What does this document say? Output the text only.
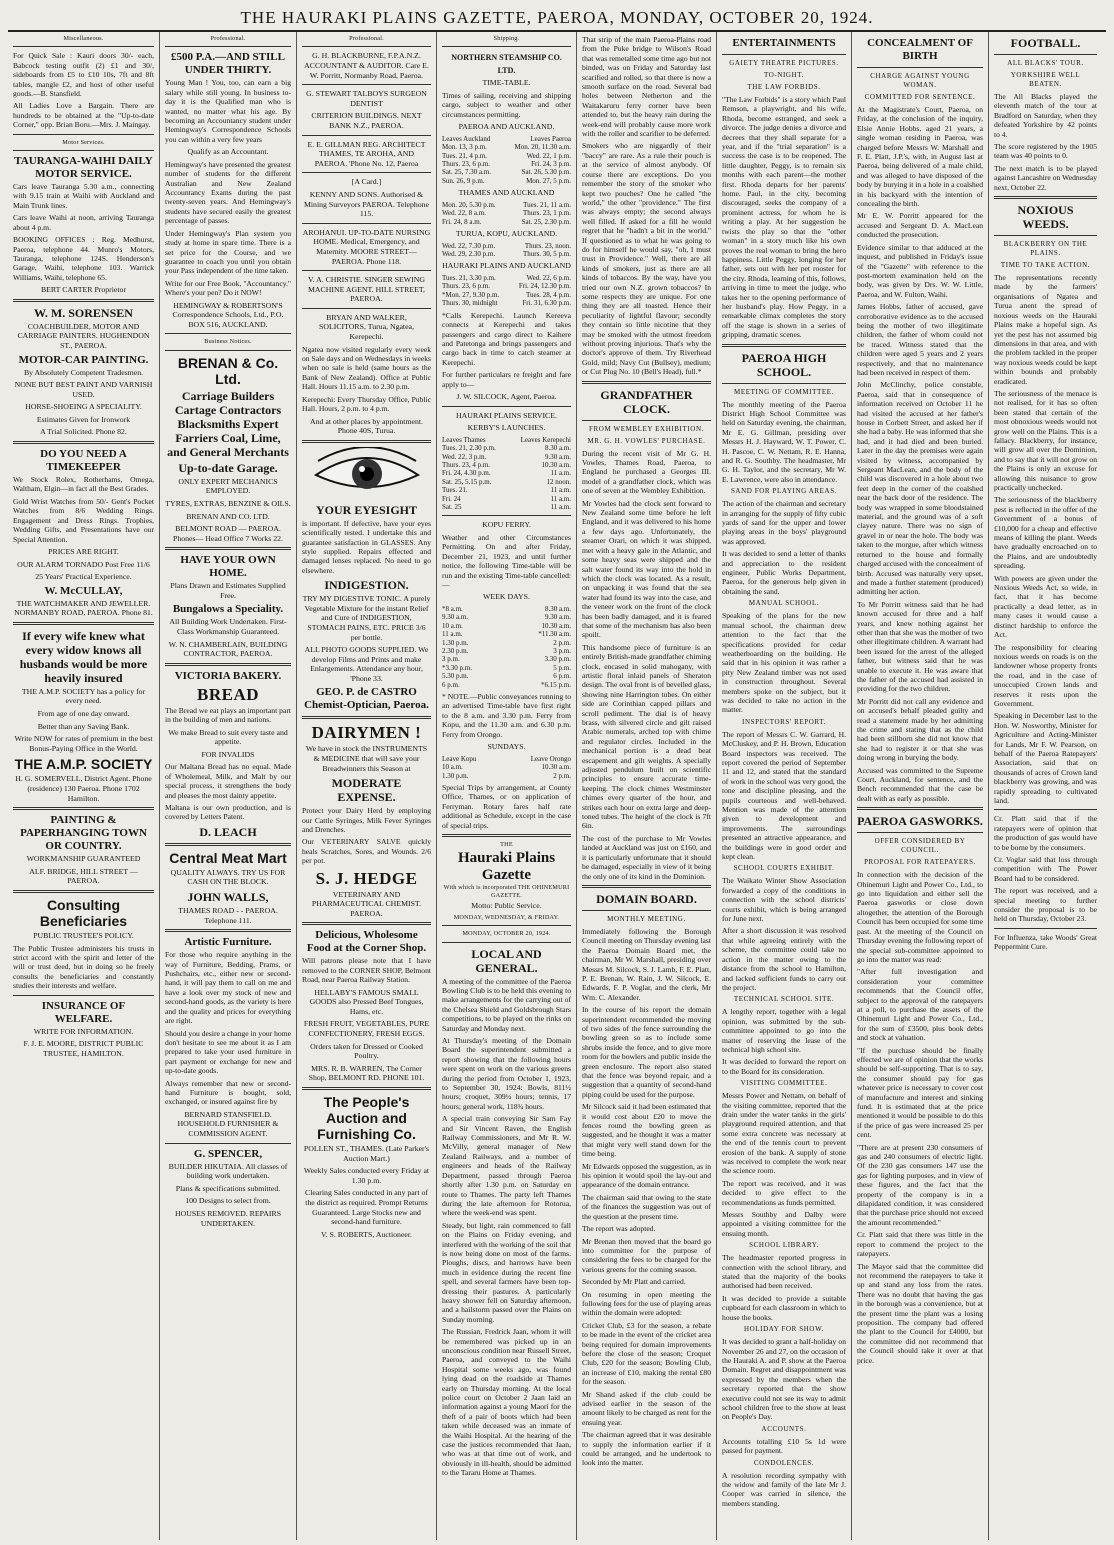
THE HAURAKI PLAINS GAZETTE, PAEROA, MONDAY, OCTOBER 20, 1924.
Miscellaneous.

For Quick Sale : Kauri doors 30/- each, Babcock testing outfit (2) £1 and 30/, sideboards from £5 to £10 10s, 7ft and 8ft tables, mangle £2, and host of other useful goods.—B. Stansfield.

All Ladies Love a Bargain. There are hundreds to be obtained at the "Up-to-date Corner," opp. Brian Boru.—Mrs. J. Maingay.

Motor Services.
TAURANGA-WAIHI DAILY MOTOR SERVICE.

Cars leave Tauranga 5.30 a.m., connecting with 9.15 train at Waihi with Auckland and Main Trunk lines.

Cars leave Waihi at noon, arriving Tauranga about 4 p.m.

BOOKING OFFICES : Reg. Medhurst, Paeroa, telephone 44. Munro's Motors, Tauranga, telephone 124S. Henderson's Garage, Waihi, telephone 103. Warrick Williams, Waihi, telephone 65.

BERT CARTER Proprietor
W. M. SORENSEN
COACHBUILDER, MOTOR AND CARRIAGE PAINTERS. HUGHENDON ST., PAEROA.
MOTOR-CAR PAINTING.
By Absolutely Competent Tradesmen.
NONE BUT BEST PAINT AND VARNISH USED.
HORSE-SHOEING A SPECIALITY.
Estimates Given for Ironwork
A Trial Solicited. Phone 82.
DO YOU NEED A TIMEKEEPER

We Stock Rolex, Rotherhams, Omega, Waltham, Elgin—in fact all the Best Grades.

Gold Wrist Watches from 50/- Gent's Pocket Watches from 8/6 Wedding Rings. Engagement and Dress Rings. Trophies, Wedding Gifts, and Presentations have our Special Attention.

PRICES ARE RIGHT.
OUR ALARM TORNADO Post Free 11/6
25 Years' Practical Experience.
W. McCULLAY,
THE WATCHMAKER AND JEWELLER. NORMANBY ROAD, PAEROA. Phone 81.
If every wife knew what every widow knows all husbands would be more heavily insured
THE A.M.P. SOCIETY has a policy for every need.
From age of one day onward.
Better than any Saving Bank.
Write NOW for rates of premium in the best Bonus-Paying Office in the World.
THE A.M.P. SOCIETY
H. G. SOMERVELL, District Agent. Phone (residence) 130 Paeroa. Phone 1702 Hamilton.
PAINTING & PAPERHANGING TOWN OR COUNTRY.
WORKMANSHIP GUARANTEED
ALF. BRIDGE, HILL STREET — PAEROA.
Consulting Beneficiaries
PUBLIC TRUSTEE'S POLICY.

The Public Trustee administers his trusts in strict accord with the spirit and letter of the will or trust deed, but in doing so he freely consults the beneficiaries and constantly studies their interests and welfare.

INSURANCE OF WELFARE.
WRITE FOR INFORMATION.
F. J. E. MOORE, DISTRICT PUBLIC TRUSTEE, HAMILTON.
Professional.
£500 P.A.—AND STILL UNDER THIRTY.

Young Man ! You, too, can earn a big salary while still young. In business to-day it is the Qualified man who is wanted, no matter what his age. By becoming an Accountancy student under Hemingway's Correspondence Schools you can within a very few years

Qualify as an Accountant.

Hemingway's have presented the greatest number of students for the different Australian and New Zealand Accountancy Exams during the past twenty-seven years. And Hemingway's students have secured easily the greatest percentage of passes.

Under Hemingway's Plan system you study at home in spare time. There is a set price for the Course, and we guarantee to coach you until you obtain your Pass independent of the time taken.

Write for our Free Book, "Accountancy." Where's your pen? Do it NOW!

HEMINGWAY & ROBERTSON'S Correspondence Schools, Ltd., P.O. BOX 516, AUCKLAND.
Business Notices.
BRENAN & Co. Ltd.
Carriage Builders Cartage Contractors Blacksmiths Expert Farriers Coal, Lime, and General Merchants
Up-to-date Garage.
ONLY EXPERT MECHANICS EMPLOYED.
TYRES, EXTRAS, BENZINE & OILS.
BRENAN AND CO. LTD.
BELMONT ROAD — PAEROA. Phones— Head Office 7 Works 22.
HAVE YOUR OWN HOME.
Plans Drawn and Estimates Supplied Free.
Bungalows a Speciality.
All Building Work Undertaken. First-Class Workmanship Guaranteed.
W. N. CHAMBERLAIN, BUILDING CONTRACTOR, PAEROA.
VICTORIA BAKERY.
BREAD

The Bread we eat plays an important part in the building of men and nations.

We make Bread to suit every taste and appetite.
FOR INVALIDS

Our Maltana Bread has no equal. Made of Wholemeal, Milk, and Malt by our special process, it strengthens the body and pleases the most dainty appetite.

Maltana is our own production, and is covered by Letters Patent.

D. LEACH
Central Meat Mart
QUALITY ALWAYS. TRY US FOR CASH ON THE BLOCK.
JOHN WALLS,
THAMES ROAD - - PAEROA. Telephone 111.
Artistic Furniture.

For those who require anything in the way of Furniture, Bedding, Prams, or Pushchairs, etc., either new or second-hand, it will pay them to call on me and have a look over my stock of new and second-hand goods, as the variety is here and the quality and prices for everything are right.

Should you desire a change in your home don't hesitate to see me about it as I am prepared to take your used furniture in part payment or exchange for new and up-to-date goods.

Always remember that new or second-hand Furniture is bought, sold, exchanged, or insured against fire by

BERNARD STANSFIELD. HOUSEHOLD FURNISHER & COMMISSION AGENT.
G. SPENCER,
BUILDER HIKUTAIA. All classes of building work undertaken.
Plans & specifications submitted.
100 Designs to select from.
HOUSES REMOVED. REPAIRS UNDERTAKEN.
Professional.
G. H. BLACKBURNE, F.P.A.N.Z. ACCOUNTANT & AUDITOR. Care E. W. Porritt, Normanby Road, Paeroa.
G. STEWART TALBOYS SURGEON DENTIST
CRITERION BUILDINGS. NEXT BANK N.Z., PAEROA.
E. E. GILLMAN REG. ARCHITECT THAMES, TE AROHA, AND PAEROA. 'Phone No. 12, Paeroa
[A Card.]
KENNY AND SONS. Authorised & Mining Surveyors PAEROA. Telephone 115.
AROHANUI. UP-TO-DATE NURSING HOME. Medical, Emergency, and Maternity. MOORE STREET—PAEROA. Phone 118.
V. A. CHRISTIE. SINGER SEWING MACHINE AGENT. HILL STREET, PAEROA.
BRYAN AND WALKER, SOLICITORS, Turua, Ngatea, Kerepechi.

Ngatea now visited regularly every week on Sale days and on Wednesdays in weeks when no sale is held (same hours as the Bank of New Zealand). Office at Public Hall. Hours 11.15 a.m. to 2.30 p.m.

Kerepechi: Every Thursday Office, Public Hall. Hours, 2 p.m. to 4 p.m.

And at other places by appointment. Phone 40S, Turua.
YOUR EYESIGHT

is important. If defective, have your eyes scientifically tested. I undertake this and guarantee satisfaction in GLASSES. Any style supplied. Repairs effected and damaged lenses replaced. No need to go elsewhere.

INDIGESTION.
TRY MY DIGESTIVE TONIC. A purely Vegetable Mixture for the instant Relief and Cure of INDIGESTION, STOMACH PAINS, ETC. PRICE 3/6 per bottle.
ALL PHOTO GOODS SUPPLIED. We develop Films and Prints and make Enlargements. Attendance any hour, 'Phone 33.
GEO. P. de CASTRO Chemist-Optician, Paeroa.
DAIRYMEN !
We have in stock the INSTRUMENTS & MEDICINE that will save your Breadwinners this Season at
MODERATE EXPENSE.

Protect your Dairy Herd by employing our Cattle Syringes, Milk Fever Syringes and Drenches.

Our VETERINARY SALVE quickly heals Scratches, Sores, and Wounds. 2/6 per pot.

S. J. HEDGE
VETERINARY AND PHARMACEUTICAL CHEMIST. PAEROA.
Delicious, Wholesome Food at the Corner Shop.

Will patrons please note that I have removed to the CORNER SHOP, Belmont Road, near Paeroa Railway Station.

HELLABY'S FAMOUS SMALL GOODS also Pressed Beef Tongues, Hams, etc.
FRESH FRUIT, VEGETABLES, PURE CONFECTIONERY, FRESH EGGS.
Orders taken for Dressed or Cooked Poultry.
MRS. R. B. WARREN, The Corner Shop, BELMONT RD. PHONE 101.
The People's Auction and Furnishing Co.
POLLEN ST., THAMES. (Late Parker's Auction Mart.)
Weekly Sales conducted every Friday at 1.30 p.m.
Clearing Sales conducted in any part of the district as required. Prompt Returns Guaranteed. Large Stocks new and second-hand furniture.
V. S. ROBERTS, Auctioneer.
Shipping.
NORTHERN STEAMSHIP CO. LTD.
TIME-TABLE.

Times of sailing, receiving and shipping cargo, subject to weather and other circumstances permitting.

PAEROA AND AUCKLAND.
Leaves Auckland	Leaves Paeroa
Mon. 13, 3 p.m.	Mon. 20, 11.30 a.m.
Tues. 21, 4 p.m.	Wed. 22, 1 p.m.
Thurs. 23, 6 p.m.	Fri. 24, 3 p.m.
Sat. 25, 7.30 a.m.	Sat. 26, 5.30 p.m.
Sun. 26, 9 p.m.	Mon. 27, 5 p.m.
THAMES AND AUCKLAND
Mon. 20, 5.30 p.m.	Tues. 21, 11 a.m.
Wed. 22, 8 a.m.	Thurs. 23, 1 p.m.
Fri. 24, 8 a.m.	Sat. 25, 2.30 p.m.
TURUA, KOPU, AUCKLAND.
Wed. 22, 7.30 p.m.	Thurs. 23, noon.
Wed. 29, 2.30 p.m.	Thurs. 30, 5 p.m.
HAURAKI PLAINS AND AUCKLAND
Tues. 21, 3.30 p.m.	Wed. 22, 6 p.m.
Thurs. 23, 6 p.m.	Fri. 24, 12.30 p.m.
*Mon. 27, 9.30 p.m.	Tues. 28, 4 p.m.
Thurs. 30, midnight	Fri. 31, 6.30 p.m.

*Calls Kerepechi. Launch Kereeva connects at Kerepechi and takes passengers and cargo direct to Kaihere and Patetonga and brings passengers and cargo back in time to catch steamer at Kerepechi.

For further particulars re freight and fare apply to—

J. W. SILCOCK, Agent, Paeroa.
HAURAKI PLAINS SERVICE.
KERBY'S LAUNCHES.
Leaves Thames	Leaves Kerepechi
Tues. 21, 2.30 p.m.	8.30 a.m.
Wed. 22, 3 p.m.	9.30 a.m.
Thurs. 23, 4 p.m.	10.30 a.m.
Fri. 24, 4.30 p.m.	11 a.m.
Sat. 25, 5.15 p.m.	12 noon.
Tues. 21.	11 a.m.
Fri. 24	11 a.m.
Sat. 25	11 a.m.
KOPU FERRY.

Weather and other Circumstances Permitting. On and after Friday, December 21, 1923, and until further notice, the following Time-table will be run and the existing Time-table cancelled:—

WEEK DAYS.
*8 a.m.	8.30 a.m.
9.30 a.m.	9.30 a.m.
10 a.m.	10.30 a.m.
11 a.m.	*11.30 a.m.
1.30 p.m.	2 p.m.
2.30 p.m.	3 p.m.
3 p.m.	3.30 p.m.
*3.30 p.m.	5 p.m.
5.30 p.m.	6 p.m.
6 p.m.	*6.15 p.m.

* NOTE.—Public conveyances running to an advertised Time-table have first right to the 8 a.m. and 3.30 p.m. Ferry from Kopu, and the 11.30 a.m. and 6.30 p.m. Ferry from Orongo.

SUNDAYS.
Leave Kopu	Leave Orongo
10 a.m.	10.30 a.m.
1.30 p.m.	2 p.m.

Special Trips by arrangement, at County Office, Thames, or on application of Ferryman. Rotary fares half rate additional as Schedule, except in the case of special trips.

THE
Hauraki Plains Gazette
With which is incorporated THE OHINEMURI GAZETTE.
Motto: Public Service.
MONDAY, WEDNESDAY, & FRIDAY.
MONDAY, OCTOBER 20, 1924.
LOCAL AND GENERAL.

A meeting of the committee of the Paeroa Bowling Club is to be held this evening to make arrangements for the carrying out of the Chelsea Shield and Goldsbrough Stars competitions, to be played on the rinks on Saturday and Monday next.

At Thursday's meeting of the Domain Board the superintendent submitted a report showing that the following hours were spent on work on the various greens during the period from October 1, 1923, to September 30, 1924: Bowls, 811½ hours; croquet, 309½ hours; tennis, 17 hours; general work, 118¾ hours.

A special train conveying Sir Sam Fay and Sir Vincent Raven, the English Railway Commissioners, and Mr R. W. McVilly, general manager of New Zealand Railways, and a number of engineers and heads of the Railway Department, passed through Paeroa shortly after 1.30 p.m. on Saturday en route to Thames. The party left Thames during the late afternoon for Rotorua, where the week-end was spent.

Steady, but light, rain commenced to fall on the Plains on Friday evening, and interfered with the working of the soil that is now being done on most of the farms. Ploughs, discs, and harrows have been much in evidence during the recent fine spell, and several farmers have been top-dressing their pastures. A particularly heavy shower fell on Saturday afternoon, and a hailstorm passed over the Plains on Sunday morning.

The Russian, Fredrick Jaan, whom it will be remembered was picked up in an unconscious condition near Russell Street, Paeroa, and conveyed to the Waihi Hospital some weeks ago, was found lying dead on the roadside at Thames early on Thursday morning. At the local police court on October 2 Jaan laid an information against a young Maori for the theft of a pair of boots which had been taken while deceased was an inmate of the Waihi Hospital. At the hearing of the case the justices recommended that Jaan, who was at that time out of work, and obviously in ill-health, should be admitted to the Tararu Home at Thames.

That strip of the main Paeroa-Plains road from the Puke bridge to Wilson's Road that was remetalled some time ago but not binded, was on Friday and Saturday last scarified and rolled, so that there is now a smooth surface on the road. Several bad holes between Netherton and the Waitakaruru ferry corner have been attended to, but the heavy rain during the week-end will probably cause more work with the roller and scarifier to be deferred.

Smokers who are niggardly of their "baccy" are rare. As a rule their pouch is at the service of almost anybody. Of course there are exceptions. Do you remember the story of the smoker who kept two pouches? One he called "the world," the other "providence." The first was always empty; the second always well filled. If asked for a fill he would regret that he "hadn't a bit in the world." If questioned as to what he was going to do for himself he would say, "oh, I must trust in Providence." Well, there are all kinds of smokers, just as there are all kinds of tobaccos. By the way, have you tried our own N.Z. grown tobaccos? In some respects they are unique. For one thing they are all toasted. Hence their peculiarity of lightful flavour; secondly they contain so little nicotine that they may be smoked with the utmost freedom without proving injurious. That's why the doctor's approve of them. Try Riverhead Gold, mild; Navy Cut (Bullsey), medium; or Cut Plug No. 10 (Bell's Head), full.*

GRANDFATHER CLOCK.
FROM WEMBLEY EXHIBITION.
MR. G. H. VOWLES' PURCHASE.

During the recent visit of Mr G. H. Vowles, Thames Road, Paeroa, to England he purchased a Georges III. model of a grandfather clock, which was one of seven at the Wembley Exhibition.

Mr Vowles had the clock sent forward to New Zealand some time before he left England, and it was delivered to his home a few days ago. Unfortunately, the steamer Orari, on which it was shipped, met with a heavy gale in the Atlantic, and some heavy seas were shipped and the salt water found its way into the hold in which the clock was located. As a result, on unpacking it was found that the sea water had found its way into the case, and the veneer work on the front of the clock has been badly damaged, and it is feared that some of the mechanism has also been spoilt.

This handsome piece of furniture is an entirely British-made grandfather chiming clock, encased in solid mahogany, with artistic floral inlaid panels of Sheraton design. The oval front is of bevelled glass, showing nine Harrington tubes. On either side are Corinthian capped pillars and scroll pediment. The dial is of heavy brass, with silvered circle and gilt raised Arabic numerals, arched top with chime and regulator circles. Included in the mechanical portion is a dead beat escapement and gilt weights. A specially adjusted pendulum built on scientific principles to ensure accurate time-keeping. The clock chimes Westminster chimes every quarter of the hour, and strikes each hour on extra large and deep-toned tubes. The height of the clock is 7ft 6in.

The cost of the purchase to Mr Vowles landed at Auckland was just on £160, and it is particularly unfortunate that it should be damaged, especially in view of it being the only one of its kind in the Dominion.

DOMAIN BOARD.
MONTHLY MEETING.

Immediately following the Borough Council meeting on Thursday evening last the Paeroa Domain Board met, the chairman, Mr W. Marshall, presiding over Messrs M. Silcock, S. J. Lamb, F. E. Platt, P. E. Brenan, W. Rain, J. W. Silcock, E. Edwards, F. P. Voglar, and the clerk, Mr Wm. C. Alexander.

In the course of his report the domain superintendent recommended the moving of two sides of the fence surrounding the bowling green so as to include some shrubs inside the fence, and to give more room for the bowlers and public inside the green enclosure. The report also stated that the fence was beyond repair, and a suggestion that a quantity of second-hand piping could be used for the purpose.

Mr Silcock said it had been estimated that it would cost about £20 to move the fences round the bowling green as suggested, and he thought it was a matter that might very well stand down for the time being.

Mr Edwards opposed the suggestion, as in his opinion it would spoil the lay-out and appearance of the domain entrance.

The chairman said that owing to the state of the finances the suggestion was out of the question at the present time.

The report was adopted.

Mr Brenan then moved that the board go into committee for the purpose of considering the fees to be charged for the various greens for the coming season.

Seconded by Mr Platt and carried.

On resuming in open meeting the following fees for the use of playing areas within the domain were adopted:

Cricket Club, £3 for the season, a rebate to be made in the event of the cricket area being required for domain improvements before the close of the season; Croquet Club, £20 for the season; Bowling Club, an increase of £10, making the rental £80 for the season.

Mr Shand asked if the club could be advised earlier in the season of the amount likely to be charged as rent for the ensuing year.

The chairman agreed that it was desirable to supply the information earlier if it could be arranged, and he undertook to look into the matter.

ENTERTAINMENTS
GAIETY THEATRE PICTURES.
TO-NIGHT.
THE LAW FORBIDS.

"The Law Forbids" is a story which Paul Remson, a playwright, and his wife, Rhoda, become estranged, and seek a divorce. The judge denies a divorce and decrees that they shall separate for a year, and if the "trial separation" is a success the case is to be reopened. The little daughter, Peggy, is to remain six months with each parent—the mother first. Rhoda departs for her parents' home. Paul, in the city, becoming discouraged, seeks the company of a prominent actress, for whom he is writing a play. At her suggestion he twists the play so that the "other woman" in a story much like his own proves the real woman to bring the hero happiness. Little Peggy, longing for her father, sets out with her pet rooster for the city. Rhoda, learning of this, follows, arriving in time to meet the judge, who takes her to the opening performance of her husband's play. How Peggy, in a remarkable climax completes the story off the stage is shown in a series of gripping, dramatic scenes.

PAEROA HIGH SCHOOL.
MEETING OF COMMITTEE.

The monthly meeting of the Paeroa District High School Committee was held on Saturday evening, the chairman, Mr E. G. Gillman, presiding over Messrs H. J. Hayward, W. T. Power, C. H. Pascoe, C. W. Nettam, R. E. Hanna, and R. G. Southby. The headmaster, Mr G. H. Taylor, and the secretary, Mr W. E. Lawrence, were also in attendance.

SAND FOR PLAYING AREAS.

The action of the chairman and secretary in arranging for the supply of fifty cubic yards of sand for the upper and lower playing areas in the boys' playground was approved.

It was decided to send a letter of thanks and appreciation to the resident engineer, Public Works Department, Paeroa, for the generous help given in obtaining the sand.

MANUAL SCHOOL.

Speaking of the plans for the new manual school, the chairman drew attention to the fact that the specifications provided for cedar weatherboarding on the building. He said that in his opinion it was rather a pity New Zealand timber was not used in construction throughout. Several members spoke on the subject, but it was decided to take no action in the matter.

INSPECTORS' REPORT.

The report of Messrs C. W. Garrard, H. McCluskey, and P. H. Brown, Education Board inspectors was received. The report covered the period of September 11 and 12, and stated that the standard of work in the school was very good, the tone and discipline pleasing, and the pupils courteous and well-behaved. Mention was made of the attention given to development and improvements. The surroundings presented an attractive appearance, and the buildings were in good order and kept clean.

SCHOOL COURTS EXHIBIT.

The Waikato Winter Show Association forwarded a copy of the conditions in connection with the school districts' courts exhibit, which is being arranged for June next.

After a short discussion it was resolved that while agreeing entirely with the scheme, the committee could take no action in the matter owing to the distance from the school to Hamilton, and lacked sufficient funds to carry out the project.

TECHNICAL SCHOOL SITE.

A lengthy report, together with a legal opinion, was submitted by the sub-committee appointed to go into the matter of reserving the lease of the technical high school site.

It was decided to forward the report on to the Board for its consideration.

VISITING COMMITTEE.

Messrs Power and Nettam, on behalf of the visiting committee, reported that the drain under the water tanks in the girls' playground required attention, and that some extra concrete was necessary at the end of the tennis court to prevent erosion of the bank. A supply of stone was received to complete the work near the science room.

The report was received, and it was decided to give effect to the recommendations as funds permitted.

Messrs Southby and Dalby were appointed a visiting committee for the ensuing month.

SCHOOL LIBRARY.

The headmaster reported progress in connection with the school library, and stated that the majority of the books authorised had been received.

It was decided to provide a suitable cupboard for each classroom in which to house the books.

HOLIDAY FOR SHOW.

It was decided to grant a half-holiday on November 26 and 27, on the occasion of the Hauraki A. and P. show at the Paeroa Domain. Regret and disappointment was expressed by the members when the secretary reported that the show executive could not see its way to admit school children free to the show at least on People's Day.

ACCOUNTS.

Accounts totalling £10 5s 1d were passed for payment.

CONDOLENCES.

A resolution recording sympathy with the widow and family of the late Mr J. Cooper was carried in silence, the members standing.

CONCEALMENT OF BIRTH
CHARGE AGAINST YOUNG WOMAN.
COMMITTED FOR SENTENCE.

At the Magistrate's Court, Paeroa, on Friday, at the conclusion of the inquiry, Elsie Annie Hobbs, aged 21 years, a single woman residing in Paeroa, was charged before Messrs W. Marshall and F. E. Platt, J.P.'s, with, in August last at Paeroa, being delivered of a male child, and was alleged to have disposed of the body by burying it in a hole in a coalshed in his backyard with the intention of concealing the birth.

Mr E. W. Porritt appeared for the accused and Sergeant D. A. MacLean conducted the prosecution.

Evidence similar to that adduced at the inquest, and published in Friday's issue of the "Gazette" with reference to the post-mortem examination held on the body, was given by Drs. W. W. Little, Paeroa, and W. Fulton, Waihi.

James Hobbs, father of accused, gave corroborative evidence as to the accused being the mother of two illegitimate children, the father of whom could not be traced. Witness stated that the children were aged 5 years and 2 years respectively, and that no maintenance had been received in respect of them.

John McClinchy, police constable, Paeroa, said that in consequence of information received on October 11 he had visited the accused at her father's house in Corbett Street, and asked her if she had a baby. He was informed that she had, and it had died and been buried. Later in the day the premises were again visited by witness, accompanied by Sergeant MacLean, and the body of the child was discovered in a hole about two feet deep in the corner of the coalshed near the back door of the residence. The body was wrapped in some bloodstained material, and the ground was of a soft clayey nature. There was no sign of gravel in or near the hole. The body was taken to the morgue, after which witness returned to the house and formally charged accused with the concealment of birth. Accused was naturally very upset, and made a further statement (produced) admitting her action.

To Mr Porritt witness said that he had known accused for three and a half years, and knew nothing against her other than that she was the mother of two other illegitimate children. A warrant had been issued for the arrest of the alleged father, but witness said that he was unable to execute it. He was aware that the father of the accused had assisted in providing for the two children.

Mr Porritt did not call any evidence and on accused's behalf pleaded guilty and read a statement made by her admitting the crime and stating that as the child had been stillborn she did not know that she had to register it or that she was doing wrong in burying the body.

Accused was committed to the Supreme Court, Auckland, for sentence, and the Bench recommended that the case be dealt with as early as possible.

PAEROA GASWORKS.
OFFER CONSIDERED BY COUNCIL.
PROPOSAL FOR RATEPAYERS.

In connection with the decision of the Ohinemuri Light and Power Co., Ltd., to go into liquidation and either sell the Paeroa gasworks or close down altogether, the attention of the Borough Council has been occupied for some time past. At the meeting of the Council on Thursday evening the following report of the special sub-committee appointed to go into the matter was read:

"After full investigation and consideration your committee recommends that the Council offer, subject to the approval of the ratepayers at a poll, to purchase the assets of the Ohinemuri Light and Power Co., Ltd., for the sum of £3500, plus book debts and stock at valuation.

"If the purchase should be finally effected we are of opinion that the works should be self-supporting. That is to say, the consumer should pay for gas whatever price is necessary to cover cost of manufacture and interest and sinking fund. It is estimated that at the price mentioned it would be possible to do this if the price of gas were increased 25 per cent.

"There are at present 230 consumers of gas and 240 consumers of electric light. Of the 230 gas consumers 147 use the gas for lighting purposes, and in view of these figures, and the fact that the property of the company is in a dilapidated condition, it was considered that the purchase price should not exceed the amount recommended."

Cr. Platt said that there was little in the report to commend the project to the ratepayers.

The Mayor said that the committee did not recommend the ratepayers to take it up and stand any loss from the rates. There was no doubt that having the gas in the borough was a convenience, but at the present time the plant was a losing proposition. The company had offered the plant to the Council for £4000, but the committee did not recommend that the Council should take it over at that price.

FOOTBALL.
ALL BLACKS' TOUR.
YORKSHIRE WELL BEATEN.

The All Blacks played the eleventh match of the tour at Bradford on Saturday, when they defeated Yorkshire by 42 points to 4.

The score registered by the 1905 team was 40 points to 0.

The next match is to be played against Lancashire on Wednesday next, October 22.

NOXIOUS WEEDS.
BLACKBERRY ON THE PLAINS.
TIME TO TAKE ACTION.

The representations recently made by the farmers' organisations of Ngatea and Turua anent the spread of noxious weeds on the Hauraki Plains make a hopeful sign. As yet the pest has not assumed big dimensions in that area, and with the problem tackled in the proper way noxious weeds could be kept within bounds and probably eradicated.

The seriousness of the menace is not realised, for it has so often been stated that certain of the most obnoxious weeds would not grow well on the Plains. This is a fallacy. Blackberry, for instance, will grow all over the Dominion, and to say that it will not grow on the Plains is only an excuse for allowing this nuisance to grow practically unchecked.

The seriousness of the blackberry pest is reflected in the offer of the Government of a bonus of £10,000 for a cheap and effective means of killing the plant. Weeds have gradually encroached on to the Plains, and are undoubtedly spreading.

With powers are given under the Noxious Weeds Act, so wide, in fact, that it has become practically a dead letter, as in many cases it would cause a distinct hardship to enforce the Act.

The responsibility for clearing noxious weeds on roads is on the landowner whose property fronts the road, and in the case of unoccupied Crown lands and reserves it rests upon the Government.

Speaking in December last to the Hon. W. Nosworthy, Minister for Agriculture and Acting-Minister for Lands, Mr F. W. Pearson, on behalf of the Paeroa Ratepayers' Association, said that on thousands of acres of Crown land blackberry was growing, and was rapidly spreading to cultivated land.

Cr. Platt said that if the ratepayers were of opinion that the production of gas would have to be borne by the consumers.

Cr. Voglar said that loss through competition with The Power Board had to be considered.

The report was received, and a special meeting to further consider the proposal is to be held on Thursday, October 23.

For Influenza, take Woods' Great Peppermint Cure.
